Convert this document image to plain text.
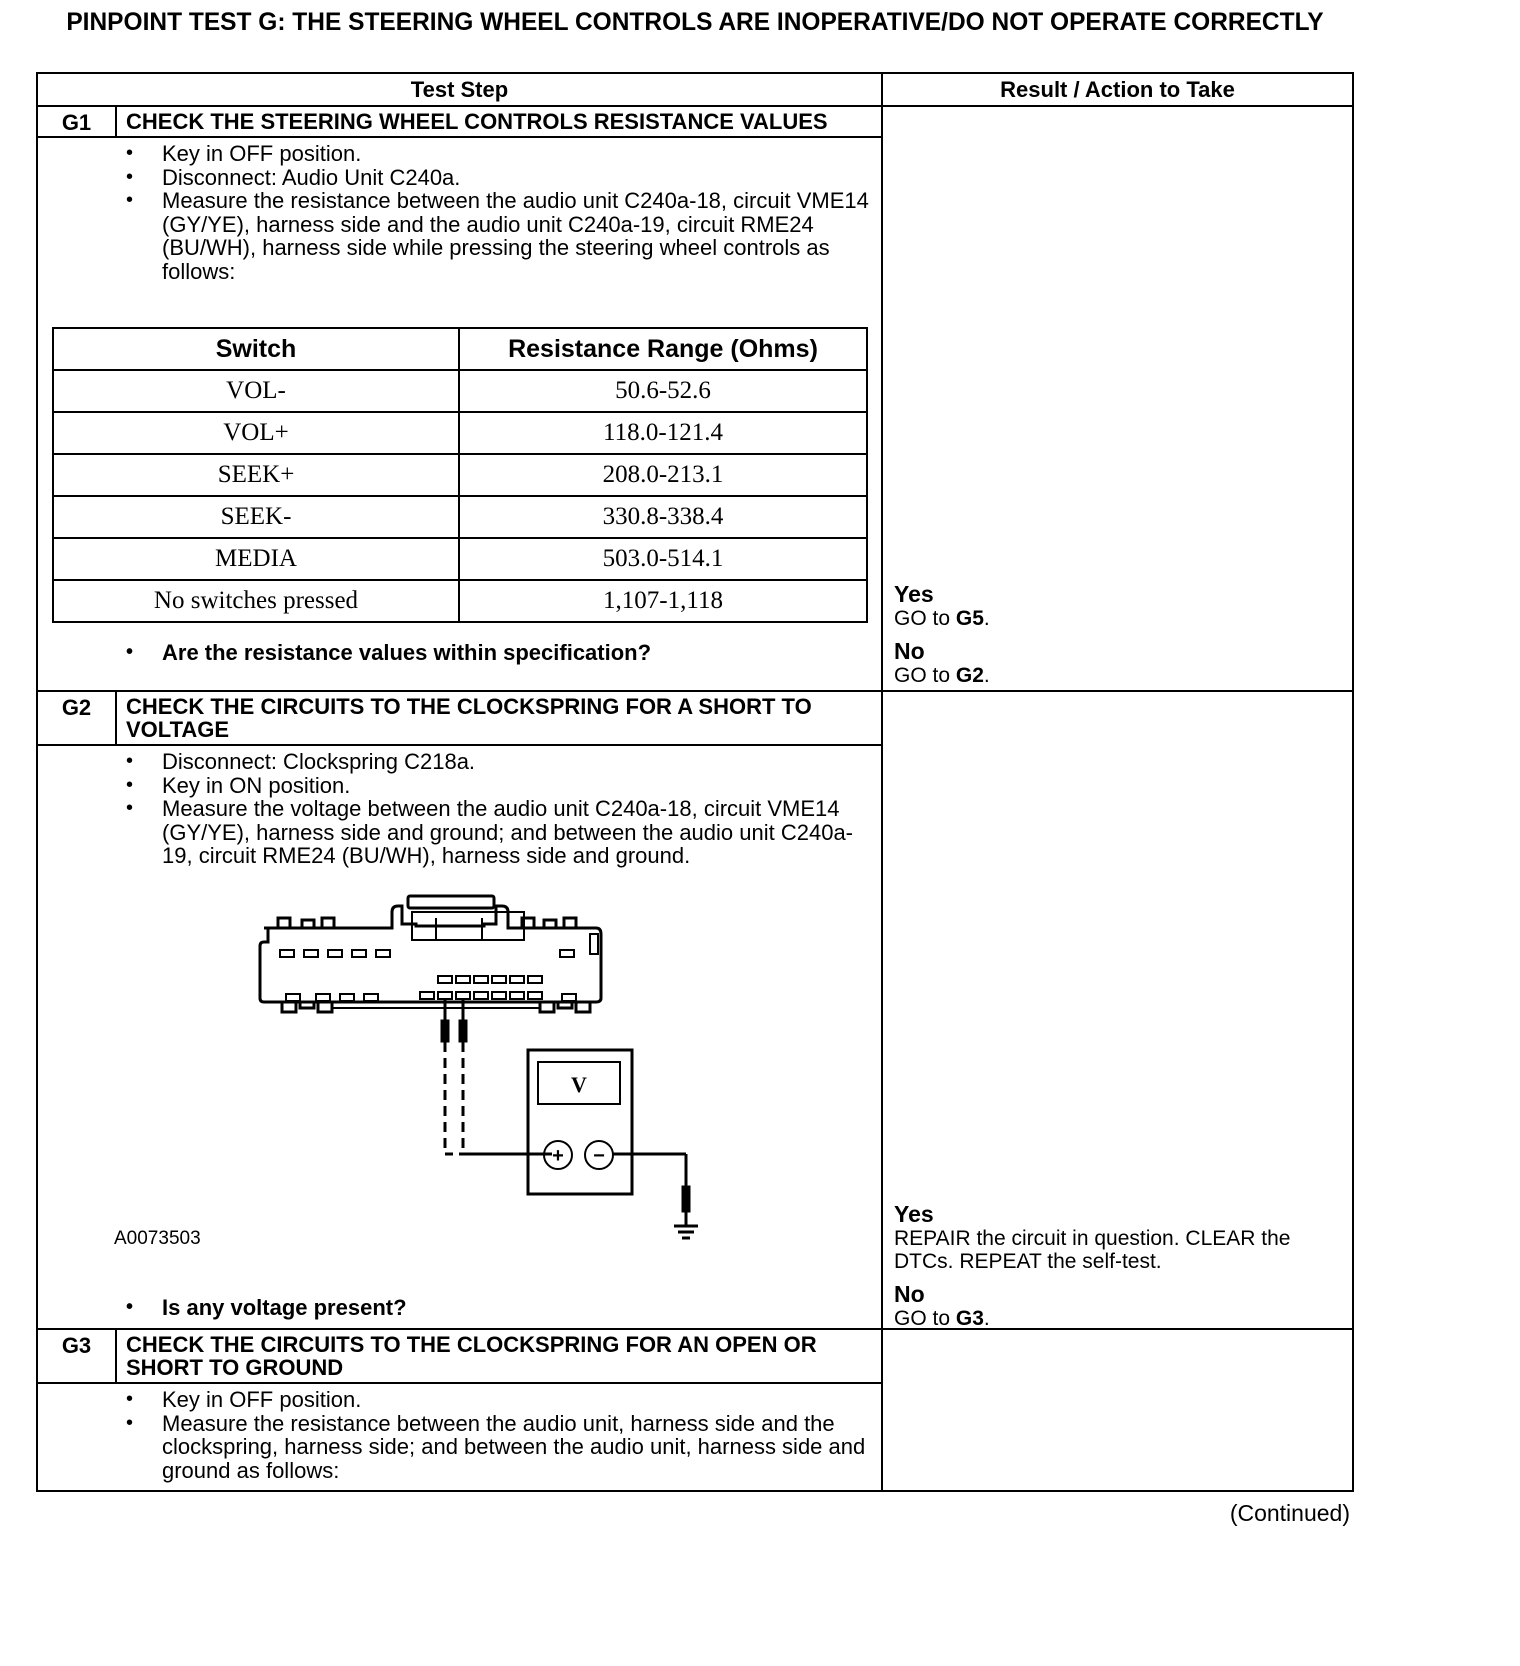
PINPOINT TEST G: THE STEERING WHEEL CONTROLS ARE INOPERATIVE/DO NOT OPERATE CORRECTLY
Test Step	Result / Action to Take

G1	CHECK THE STEERING WHEEL CONTROLS RESISTANCE VALUES

• Key in OFF position.
• Disconnect: Audio Unit C240a.
• Measure the resistance between the audio unit C240a-18, circuit VME14 (GY/YE), harness side and the audio unit C240a-19, circuit RME24 (BU/WH), harness side while pressing the steering wheel controls as follows:
Switch	Resistance Range (Ohms)
VOL-	50.6-52.6
VOL+	118.0-121.4
SEEK+	208.0-213.1
SEEK-	330.8-338.4
MEDIA	503.0-514.1
No switches pressed	1,107-1,118
• Are the resistance values within specification?

Yes
GO to G5.
No
GO to G2.

G2	CHECK THE CIRCUITS TO THE CLOCKSPRING FOR A SHORT TO VOLTAGE

• Disconnect: Clockspring C218a.
• Key in ON position.
• Measure the voltage between the audio unit C240a-18, circuit VME14 (GY/YE), harness side and ground; and between the audio unit C240a-19, circuit RME24 (BU/WH), harness side and ground.
V
+ −
A0073503
• Is any voltage present?

Yes
REPAIR the circuit in question. CLEAR the DTCs. REPEAT the self-test.
No
GO to G3.

G3	CHECK THE CIRCUITS TO THE CLOCKSPRING FOR AN OPEN OR SHORT TO GROUND

• Key in OFF position.
• Measure the resistance between the audio unit, harness side and the clockspring, harness side; and between the audio unit, harness side and ground as follows:

(Continued)
